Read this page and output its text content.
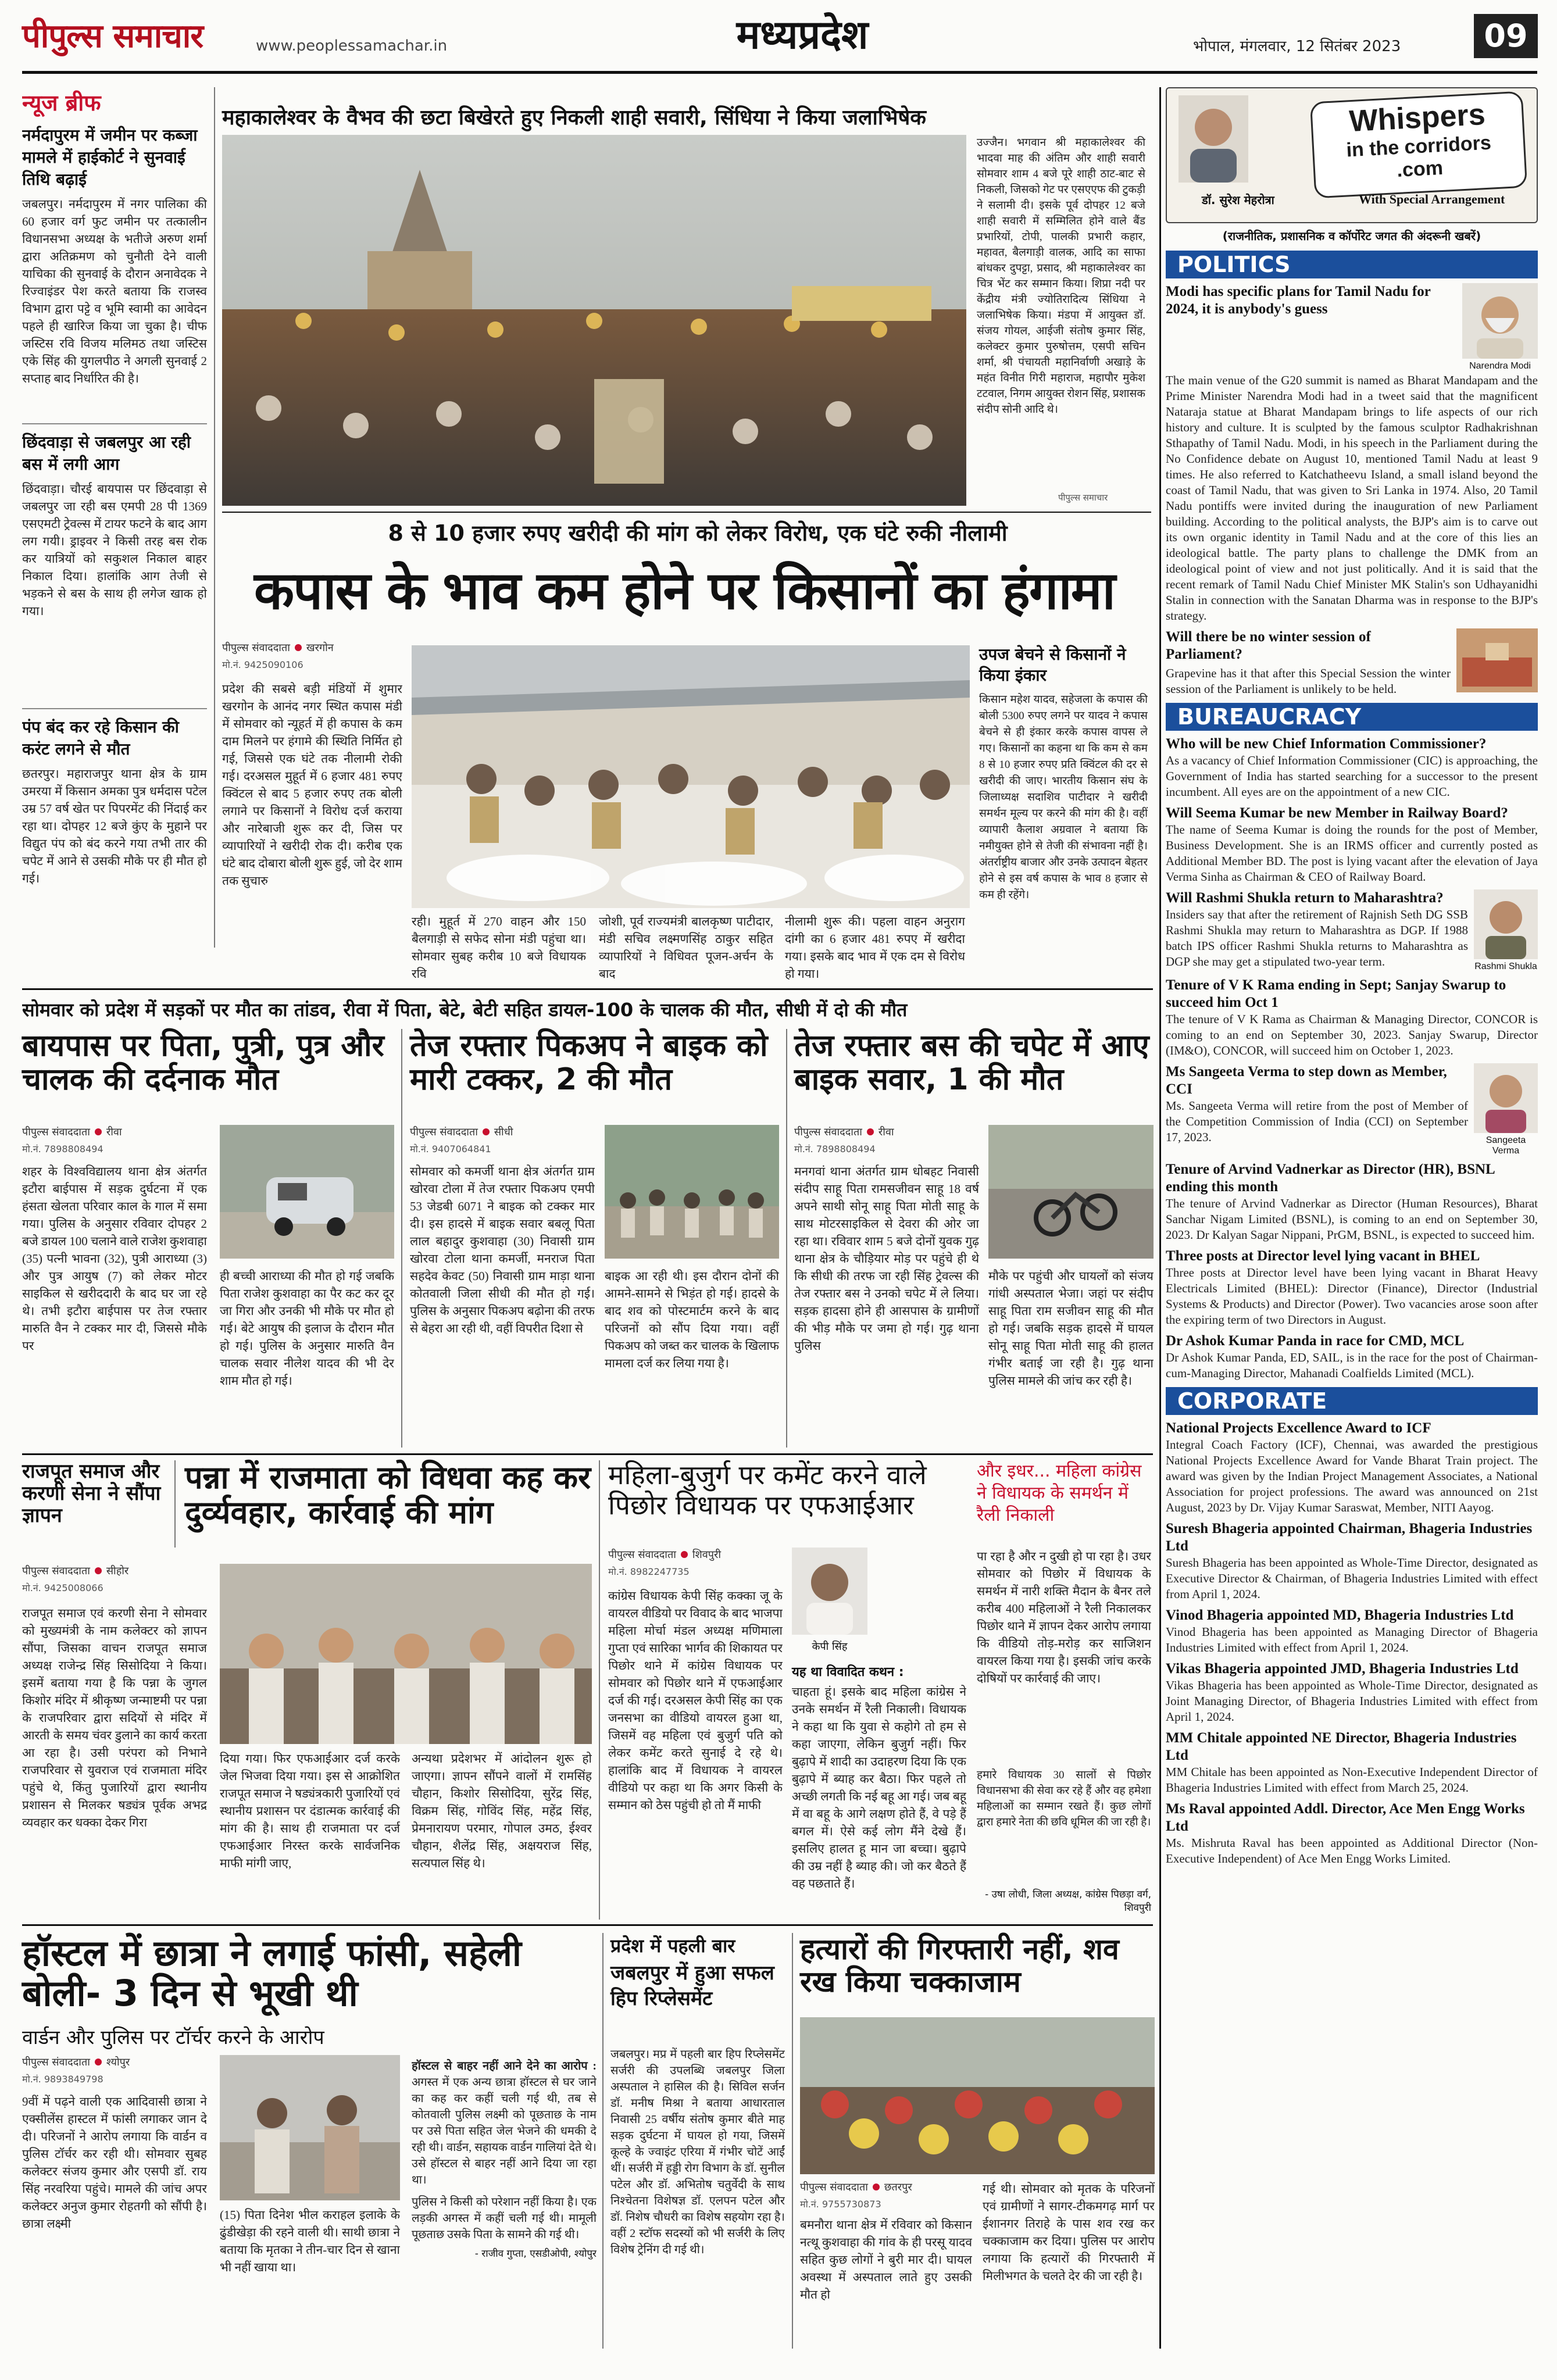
पीपुल्स समाचार	www.peoplessamachar.in	मध्यप्रदेश	भोपाल, मंगलवार, 12 सितंबर 2023	09
न्यूज ब्रीफ
नर्मदापुरम में जमीन पर कब्जा मामले में हाईकोर्ट ने सुनवाई तिथि बढ़ाई
जबलपुर। नर्मदापुरम में नगर पालिका की 60 हजार वर्ग फुट जमीन पर तत्कालीन विधानसभा अध्यक्ष के भतीजे अरुण शर्मा द्वारा अतिक्रमण को चुनौती देने वाली याचिका की सुनवाई के दौरान अनावेदक ने रिज्वाइंडर पेश करते बताया कि राजस्व विभाग द्वारा पट्टे व भूमि स्वामी का आवेदन पहले ही खारिज किया जा चुका है। चीफ जस्टिस रवि विजय मलिमठ तथा जस्टिस एके सिंह की युगलपीठ ने अगली सुनवाई 2 सप्ताह बाद निर्धारित की है।
छिंदवाड़ा से जबलपुर आ रही बस में लगी आग
छिंदवाड़ा। चौरई बायपास पर छिंदवाड़ा से जबलपुर जा रही बस एमपी 28 पी 1369 एसएमटी ट्रेवल्स में टायर फटने के बाद आग लग गयी। ड्राइवर ने किसी तरह बस रोक कर यात्रियों को सकुशल निकाल बाहर निकाल दिया। हालांकि आग तेजी से भड़कने से बस के साथ ही लगेज खाक हो गया।
पंप बंद कर रहे किसान की करंट लगने से मौत
छतरपुर। महाराजपुर थाना क्षेत्र के ग्राम उमरया में किसान अमका पुत्र धर्मदास पटेल उम्र 57 वर्ष खेत पर पिपरमेंट की निंदाई कर रहा था। दोपहर 12 बजे कुंए के मुहाने पर विद्युत पंप को बंद करने गया तभी तार की चपेट में आने से उसकी मौके पर ही मौत हो गई।
महाकालेश्वर के वैभव की छटा बिखेरते हुए निकली शाही सवारी, सिंधिया ने किया जलाभिषेक
उज्जैन। भगवान श्री महाकालेश्वर की भादवा माह की अंतिम और शाही सवारी सोमवार शाम 4 बजे पूरे शाही ठाट-बाट से निकली, जिसको गेट पर एसएएफ की टुकड़ी ने सलामी दी। इसके पूर्व दोपहर 12 बजे शाही सवारी में सम्मिलित होने वाले बैंड प्रभारियों, टोपी, पालकी प्रभारी कहार, महावत, बैलगाड़ी वालक, आदि का साफा बांधकर दुपट्टा, प्रसाद, श्री महाकालेश्वर का चित्र भेंट कर सम्मान किया। शिप्रा नदी पर केंद्रीय मंत्री ज्योतिरादित्य सिंधिया ने जलाभिषेक किया। मंडपा में आयुक्त डॉ. संजय गोयल, आईजी संतोष कुमार सिंह, कलेक्टर कुमार पुरुषोत्तम, एसपी सचिन शर्मा, श्री पंचायती महानिर्वाणी अखाड़े के महंत विनीत गिरी महाराज, महापौर मुकेश टटवाल, निगम आयुक्त रोशन सिंह, प्रशासक संदीप सोनी आदि थे।
पीपुल्स समाचार
8 से 10 हजार रुपए खरीदी की मांग को लेकर विरोध, एक घंटे रुकी नीलामी
कपास के भाव कम होने पर किसानों का हंगामा
पीपुल्स संवाददाता खरगोन
मो.नं. 9425090106
प्रदेश की सबसे बड़ी मंडियों में शुमार खरगोन के आनंद नगर स्थित कपास मंडी में सोमवार को न्यूहर्त में ही कपास के कम दाम मिलने पर हंगामे की स्थिति निर्मित हो गई, जिससे एक घंटे तक नीलामी रोकी गई। दरअसल मुहूर्त में 6 हजार 481 रुपए क्विंटल से बाद 5 हजार रुपए तक बोली लगाने पर किसानों ने विरोध दर्ज कराया और नारेबाजी शुरू कर दी, जिस पर व्यापारियों ने खरीदी रोक दी। करीब एक घंटे बाद दोबारा बोली शुरू हुई, जो देर शाम तक सुचारु
रही। मुहूर्त में 270 वाहन और 150 बैलगाड़ी से सफेद सोना मंडी पहुंचा था। सोमवार सुबह करीब 10 बजे विधायक रवि
जोशी, पूर्व राज्यमंत्री बालकृष्ण पाटीदार, मंडी सचिव लक्ष्मणसिंह ठाकुर सहित व्यापारियों ने विधिवत पूजन-अर्चन के बाद
नीलामी शुरू की। पहला वाहन अनुराग दांगी का 6 हजार 481 रुपए में खरीदा गया। इसके बाद भाव में एक दम से विरोध हो गया।
उपज बेचने से किसानों ने किया इंकार
किसान महेश यादव, सहेजला के कपास की बोली 5300 रुपए लगने पर यादव ने कपास बेचने से ही इंकार करके कपास वापस ले गए। किसानों का कहना था कि कम से कम 8 से 10 हजार रुपए प्रति क्विंटल की दर से खरीदी की जाए। भारतीय किसान संघ के जिलाध्यक्ष सदाशिव पाटीदार ने खरीदी समर्थन मूल्य पर करने की मांग की है। वहीं व्यापारी कैलाश अग्रवाल ने बताया कि नमीयुक्त होने से तेजी की संभावना नहीं है। अंतर्राष्ट्रीय बाजार और उनके उत्पादन बेहतर होने से इस वर्ष कपास के भाव 8 हजार से कम ही रहेंगे।
सोमवार को प्रदेश में सड़कों पर मौत का तांडव, रीवा में पिता, बेटे, बेटी सहित डायल-100 के चालक की मौत, सीधी में दो की मौत
बायपास पर पिता, पुत्री, पुत्र और चालक की दर्दनाक मौत
पीपुल्स संवाददाता रीवा
मो.नं. 7898808494
शहर के विश्वविद्यालय थाना क्षेत्र अंतर्गत इटौरा बाईपास में सड़क दुर्घटना में एक हंसता खेलता परिवार काल के गाल में समा गया। पुलिस के अनुसार रविवार दोपहर 2 बजे डायल 100 चलाने वाले राजेश कुशवाहा (35) पत्नी भावना (32), पुत्री आराध्या (3) और पुत्र आयुष (7) को लेकर मोटर साइकिल से खरीददारी के बाद घर जा रहे थे। तभी इटौरा बाईपास पर तेज रफ्तार मारुति वैन ने टक्कर मार दी, जिससे मौके पर
ही बच्ची आराध्या की मौत हो गई जबकि पिता राजेश कुशवाहा का पैर कट कर दूर जा गिरा और उनकी भी मौके पर मौत हो गई। बेटे आयुष की इलाज के दौरान मौत हो गई। पुलिस के अनुसार मारुति वैन चालक सवार नीलेश यादव की भी देर शाम मौत हो गई।
तेज रफ्तार पिकअप ने बाइक को मारी टक्कर, 2 की मौत
पीपुल्स संवाददाता सीधी
मो.नं. 9407064841
सोमवार को कमर्जी थाना क्षेत्र अंतर्गत ग्राम खोरवा टोला में तेज रफ्तार पिकअप एमपी 53 जेडबी 6071 ने बाइक को टक्कर मार दी। इस हादसे में बाइक सवार बबलू पिता लाल बहादुर कुशवाहा (30) निवासी ग्राम खोरवा टोला थाना कमर्जी, मनराज पिता सहदेव केवट (50) निवासी ग्राम माड़ा थाना कोतवाली जिला सीधी की मौत हो गई। पुलिस के अनुसार पिकअप बढ़ोना की तरफ से बेहरा आ रही थी, वहीं विपरीत दिशा से
बाइक आ रही थी। इस दौरान दोनों की आमने-सामने से भिड़ंत हो गई। हादसे के बाद शव को पोस्टमार्टम करने के बाद परिजनों को सौंप दिया गया। वहीं पिकअप को जब्त कर चालक के खिलाफ मामला दर्ज कर लिया गया है।
तेज रफ्तार बस की चपेट में आए बाइक सवार, 1 की मौत
पीपुल्स संवाददाता रीवा
मो.नं. 7898808494
मनगवां थाना अंतर्गत ग्राम धोबहट निवासी संदीप साहू पिता रामसजीवन साहू 18 वर्ष अपने साथी सोनू साहू पिता मोती साहू के साथ मोटरसाइकिल से देवरा की ओर जा रहा था। रविवार शाम 5 बजे दोनों युवक गुढ़ थाना क्षेत्र के चौड़ियार मोड़ पर पहुंचे ही थे कि सीधी की तरफ जा रही सिंह ट्रेवल्स की तेज रफ्तार बस ने उनको चपेट में ले लिया। सड़क हादसा होने ही आसपास के ग्रामीणों की भीड़ मौके पर जमा हो गई। गुढ़ थाना पुलिस
मौके पर पहुंची और घायलों को संजय गांधी अस्पताल भेजा। जहां पर संदीप साहू पिता राम सजीवन साहू की मौत हो गई। जबकि सड़क हादसे में घायल सोनू साहू पिता मोती साहू की हालत गंभीर बताई जा रही है। गुढ़ थाना पुलिस मामले की जांच कर रही है।
राजपूत समाज और करणी सेना ने सौंपा ज्ञापन
पीपुल्स संवाददाता सीहोर
मो.नं. 9425008066
राजपूत समाज एवं करणी सेना ने सोमवार को मुख्यमंत्री के नाम कलेक्टर को ज्ञापन सौंपा, जिसका वाचन राजपूत समाज अध्यक्ष राजेन्द्र सिंह सिसोदिया ने किया। इसमें बताया गया है कि पन्ना के जुगल किशोर मंदिर में श्रीकृष्ण जन्माष्टमी पर पन्ना के राजपरिवार द्वारा सदियों से मंदिर में आरती के समय चंवर डुलाने का कार्य करता आ रहा है। उसी परंपरा को निभाने राजपरिवार से युवराज एवं राजमाता मंदिर पहुंचे थे, किंतु पुजारियों द्वारा स्थानीय प्रशासन से मिलकर षड्यंत्र पूर्वक अभद्र व्यवहार कर धक्का देकर गिरा
पन्ना में राजमाता को विधवा कह कर दुर्व्यवहार, कार्रवाई की मांग
दिया गया। फिर एफआईआर दर्ज करके जेल भिजवा दिया गया। इस से आक्रोशित राजपूत समाज ने षड्यंत्रकारी पुजारियों एवं स्थानीय प्रशासन पर दंडात्मक कार्रवाई की मांग की है। साथ ही राजमाता पर दर्ज एफआईआर निरस्त करके सार्वजनिक माफी मांगी जाए,
अन्यथा प्रदेशभर में आंदोलन शुरू हो जाएगा। ज्ञापन सौंपने वालों में रामसिंह चौहान, किशोर सिसोदिया, सुरेंद्र सिंह, विक्रम सिंह, गोविंद सिंह, महेंद्र सिंह, प्रेमनारायण परमार, गोपाल उमठ, ईश्वर चौहान, शैलेंद्र सिंह, अक्षयराज सिंह, सत्यपाल सिंह थे।
महिला-बुजुर्ग पर कमेंट करने वाले पिछोर विधायक पर एफआईआर
पीपुल्स संवाददाता शिवपुरी
मो.नं. 8982247735
कांग्रेस विधायक केपी सिंह कक्का जू के वायरल वीडियो पर विवाद के बाद भाजपा महिला मोर्चा मंडल अध्यक्ष मणिमाला गुप्ता एवं सारिका भार्गव की शिकायत पर पिछोर थाने में कांग्रेस विधायक पर सोमवार को पिछोर थाने में एफआईआर दर्ज की गई। दरअसल केपी सिंह का एक जनसभा का वीडियो वायरल हुआ था, जिसमें वह महिला एवं बुजुर्ग पति को लेकर कमेंट करते सुनाई दे रहे थे। हालांकि बाद में विधायक ने वायरल वीडियो पर कहा था कि अगर किसी के सम्मान को ठेस पहुंची हो तो मैं माफी
केपी सिंह
यह था विवादित कथन :
चाहता हूं। इसके बाद महिला कांग्रेस ने उनके समर्थन में रैली निकाली। विधायक ने कहा था कि युवा से कहोगे तो हम से कहा जाएगा, लेकिन बुजुर्ग नहीं। फिर बुढ़ापे में शादी का उदाहरण दिया कि एक बुढ़ापे में ब्याह कर बैठा। फिर पहले तो अच्छी लगती कि नई बहू आ गई। जब बहू में वा बहू के आगे लक्षण होते हैं, वे पड़े हैं बगल में। ऐसे कई लोग मैंने देखे हैं। इसलिए हालत हू मान जा बच्चा। बुढ़ापे की उम्र नहीं है ब्याह की। जो कर बैठते हैं वह पछताते हैं।
और इधर... महिला कांग्रेस ने विधायक के समर्थन में रैली निकाली
पा रहा है और न दुखी हो पा रहा है। उधर सोमवार को पिछोर में विधायक के समर्थन में नारी शक्ति मैदान के बैनर तले करीब 400 महिलाओं ने रैली निकालकर पिछोर थाने में ज्ञापन देकर आरोप लगाया कि वीडियो तोड़-मरोड़ कर साजिशन वायरल किया गया है। इसकी जांच करके दोषियों पर कार्रवाई की जाए।
हमारे विधायक 30 सालों से पिछोर विधानसभा की सेवा कर रहे हैं और वह हमेशा महिलाओं का सम्मान रखते हैं। कुछ लोगों द्वारा हमारे नेता की छवि धूमिल की जा रही है।
- उषा लोधी, जिला अध्यक्ष, कांग्रेस पिछड़ा वर्ग, शिवपुरी
हॉस्टल में छात्रा ने लगाई फांसी, सहेली बोली- 3 दिन से भूखी थी
वार्डन और पुलिस पर टॉर्चर करने के आरोप
पीपुल्स संवाददाता श्योपुर
मो.नं. 9893849798
9वीं में पढ़ने वाली एक आदिवासी छात्रा ने एक्सीलेंस हास्टल में फांसी लगाकर जान दे दी। परिजनों ने आरोप लगाया कि वार्डन व पुलिस टॉर्चर कर रही थी। सोमवार सुबह कलेक्टर संजय कुमार और एसपी डॉ. राय सिंह नरवरिया पहुंचे। मामले की जांच अपर कलेक्टर अनुज कुमार रोहतगी को सौंपी है। छात्रा लक्ष्मी
(15) पिता दिनेश भील कराहल इलाके के ढुंडीखेड़ा की रहने वाली थी। साथी छात्रा ने बताया कि मृतका ने तीन-चार दिन से खाना भी नहीं खाया था।
हॉस्टल से बाहर नहीं आने देने का आरोप : अगस्त में एक अन्य छात्रा हॉस्टल से घर जाने का कह कर कहीं चली गई थी, तब से कोतवाली पुलिस लक्ष्मी को पूछताछ के नाम पर उसे पिता सहित जेल भेजने की धमकी दे रही थी। वार्डन, सहायक वार्डन गालियां देते थे। उसे हॉस्टल से बाहर नहीं आने दिया जा रहा था।
पुलिस ने किसी को परेशान नहीं किया है। एक लड़की अगस्त में कहीं चली गई थी। मामूली पूछताछ उसके पिता के सामने की गई थी।
- राजीव गुप्ता, एसडीओपी, श्योपुर
प्रदेश में पहली बार
जबलपुर में हुआ सफल हिप रिप्लेसमेंट
जबलपुर। मप्र में पहली बार हिप रिप्लेसमेंट सर्जरी की उपलब्धि जबलपुर जिला अस्पताल ने हासिल की है। सिविल सर्जन डॉ. मनीष मिश्रा ने बताया आधारताल निवासी 25 वर्षीय संतोष कुमार बीते माह सड़क दुर्घटना में घायल हो गया, जिसमें कूल्हे के ज्वाइंट एरिया में गंभीर चोटें आईं थीं। सर्जरी में हड्डी रोग विभाग के डॉ. सुनील पटेल और डॉ. अभितोष चतुर्वेदी के साथ निश्चेतना विशेषज्ञ डॉ. एलपन पटेल और डॉ. निशेष चौधरी का विशेष सहयोग रहा है। वहीं 2 स्टॉफ सदस्यों को भी सर्जरी के लिए विशेष ट्रेनिंग दी गई थी।
हत्यारों की गिरफ्तारी नहीं, शव रख किया चक्काजाम
पीपुल्स संवाददाता छतरपुर
मो.नं. 9755730873
बमनौरा थाना क्षेत्र में रविवार को किसान नत्थू कुशवाहा की गांव के ही परसू यादव सहित कुछ लोगों ने बुरी मार दी। घायल अवस्था में अस्पताल लाते हुए उसकी मौत हो
गई थी। सोमवार को मृतक के परिजनों एवं ग्रामीणों ने सागर-टीकमगढ़ मार्ग पर ईशानगर तिराहे के पास शव रख कर चक्काजाम कर दिया। पुलिस पर आरोप लगाया कि हत्यारों की गिरफ्तारी में मिलीभगत के चलते देर की जा रही है।
Whispers
in the corridors
.com
डॉ. सुरेश मेहरोत्रा	With Special Arrangement
(राजनीतिक, प्रशासनिक व कॉर्पोरेट जगत की अंदरूनी खबरें)
POLITICS
Modi has specific plans for Tamil Nadu for 2024, it is anybody's guess
Narendra Modi
The main venue of the G20 summit is named as Bharat Mandapam and the Prime Minister Narendra Modi had in a tweet said that the magnificent Nataraja statue at Bharat Mandapam brings to life aspects of our rich history and culture. It is sculpted by the famous sculptor Radhakrishnan Sthapathy of Tamil Nadu. Modi, in his speech in the Parliament during the No Confidence debate on August 10, mentioned Tamil Nadu at least 9 times. He also referred to Katchatheevu Island, a small island beyond the coast of Tamil Nadu, that was given to Sri Lanka in 1974. Also, 20 Tamil Nadu pontiffs were invited during the inauguration of new Parliament building. According to the political analysts, the BJP's aim is to carve out its own organic identity in Tamil Nadu and at the core of this lies an ideological battle. The party plans to challenge the DMK from an ideological point of view and not just politically. And it is said that the recent remark of Tamil Nadu Chief Minister MK Stalin's son Udhayanidhi Stalin in connection with the Sanatan Dharma was in response to the BJP's strategy.
Will there be no winter session of Parliament?
Grapevine has it that after this Special Session the winter session of the Parliament is unlikely to be held.
BUREAUCRACY
Who will be new Chief Information Commissioner?
As a vacancy of Chief Information Commissioner (CIC) is approaching, the Government of India has started searching for a successor to the present incumbent. All eyes are on the appointment of a new CIC.
Will Seema Kumar be new Member in Railway Board?
The name of Seema Kumar is doing the rounds for the post of Member, Business Development. She is an IRMS officer and currently posted as Additional Member BD. The post is lying vacant after the elevation of Jaya Verma Sinha as Chairman & CEO of Railway Board.
Will Rashmi Shukla return to Maharashtra?
Insiders say that after the retirement of Rajnish Seth DG SSB Rashmi Shukla may return to Maharashtra as DGP. If 1988 batch IPS officer Rashmi Shukla returns to Maharashtra as DGP she may get a stipulated two-year term.	Rashmi Shukla
Tenure of V K Rama ending in Sept; Sanjay Swarup to succeed him Oct 1
The tenure of V K Rama as Chairman & Managing Director, CONCOR is coming to an end on September 30, 2023. Sanjay Swarup, Director (IM&O), CONCOR, will succeed him on October 1, 2023.
Ms Sangeeta Verma to step down as Member, CCI
Ms. Sangeeta Verma will retire from the post of Member of the Competition Commission of India (CCI) on September 17, 2023.	Sangeeta Verma
Tenure of Arvind Vadnerkar as Director (HR), BSNL ending this month
The tenure of Arvind Vadnerkar as Director (Human Resources), Bharat Sanchar Nigam Limited (BSNL), is coming to an end on September 30, 2023. Dr Kalyan Sagar Nippani, PrGM, BSNL, is expected to succeed him.
Three posts at Director level lying vacant in BHEL
Three posts at Director level have been lying vacant in Bharat Heavy Electricals Limited (BHEL): Director (Finance), Director (Industrial Systems & Products) and Director (Power). Two vacancies arose soon after the expiring term of two Directors in August.
Dr Ashok Kumar Panda in race for CMD, MCL
Dr Ashok Kumar Panda, ED, SAIL, is in the race for the post of Chairman-cum-Managing Director, Mahanadi Coalfields Limited (MCL).
CORPORATE
National Projects Excellence Award to ICF
Integral Coach Factory (ICF), Chennai, was awarded the prestigious National Projects Excellence Award for Vande Bharat Train project. The award was given by the Indian Project Management Associates, a National Association for project professions. The award was announced on 21st August, 2023 by Dr. Vijay Kumar Saraswat, Member, NITI Aayog.
Suresh Bhageria appointed Chairman, Bhageria Industries Ltd
Suresh Bhageria has been appointed as Whole-Time Director, designated as Executive Director & Chairman, of Bhageria Industries Limited with effect from April 1, 2024.
Vinod Bhageria appointed MD, Bhageria Industries Ltd
Vinod Bhageria has been appointed as Managing Director of Bhageria Industries Limited with effect from April 1, 2024.
Vikas Bhageria appointed JMD, Bhageria Industries Ltd
Vikas Bhageria has been appointed as Whole-Time Director, designated as Joint Managing Director, of Bhageria Industries Limited with effect from April 1, 2024.
MM Chitale appointed NE Director, Bhageria Industries Ltd
MM Chitale has been appointed as Non-Executive Independent Director of Bhageria Industries Limited with effect from March 25, 2024.
Ms Raval appointed Addl. Director, Ace Men Engg Works Ltd
Ms. Mishruta Raval has been appointed as Additional Director (Non-Executive Independent) of Ace Men Engg Works Limited.
